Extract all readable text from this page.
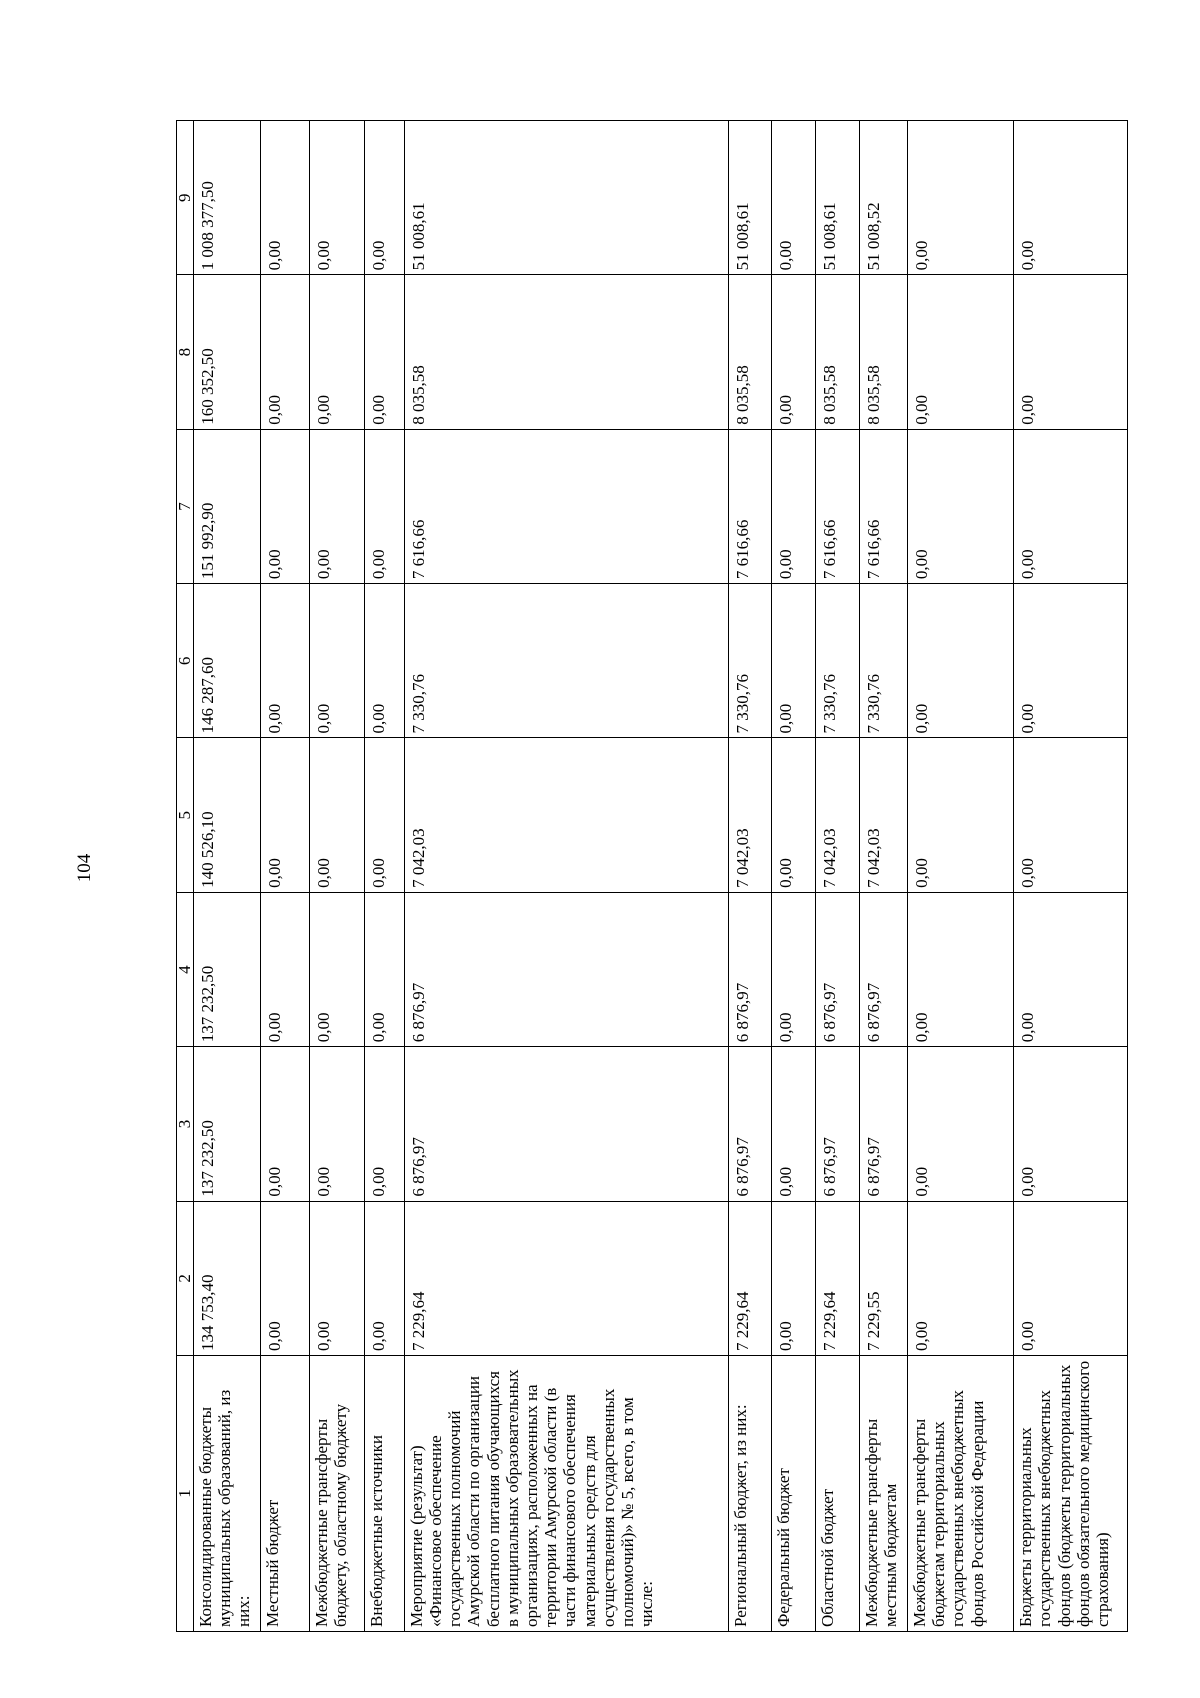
104
1	2	3	4	5	6	7	8	9
Консолидированные бюджеты муниципальных образований, из них:	134 753,40	137 232,50	137 232,50	140 526,10	146 287,60	151 992,90	160 352,50	1 008 377,50
Местный бюджет	0,00	0,00	0,00	0,00	0,00	0,00	0,00	0,00
Межбюджетные трансферты бюджету, областному бюджету	0,00	0,00	0,00	0,00	0,00	0,00	0,00	0,00
Внебюджетные источники	0,00	0,00	0,00	0,00	0,00	0,00	0,00	0,00
Мероприятие (результат) «Финансовое обеспечение государственных полномочий Амурской области по организации бесплатного питания обучающихся в муниципальных образовательных организациях, расположенных на территории Амурской области (в части финансового обеспечения материальных средств для осуществления государственных полномочий)» № 5, всего, в том числе:	7 229,64	6 876,97	6 876,97	7 042,03	7 330,76	7 616,66	8 035,58	51 008,61
Региональный бюджет, из них:	7 229,64	6 876,97	6 876,97	7 042,03	7 330,76	7 616,66	8 035,58	51 008,61
Федеральный бюджет	0,00	0,00	0,00	0,00	0,00	0,00	0,00	0,00
Областной бюджет	7 229,64	6 876,97	6 876,97	7 042,03	7 330,76	7 616,66	8 035,58	51 008,61
Межбюджетные трансферты местным бюджетам	7 229,55	6 876,97	6 876,97	7 042,03	7 330,76	7 616,66	8 035,58	51 008,52
Межбюджетные трансферты бюджетам территориальных государственных внебюджетных фондов Российской Федерации	0,00	0,00	0,00	0,00	0,00	0,00	0,00	0,00
Бюджеты территориальных государственных внебюджетных фондов (бюджеты территориальных фондов обязательного медицинского страхования)	0,00	0,00	0,00	0,00	0,00	0,00	0,00	0,00
